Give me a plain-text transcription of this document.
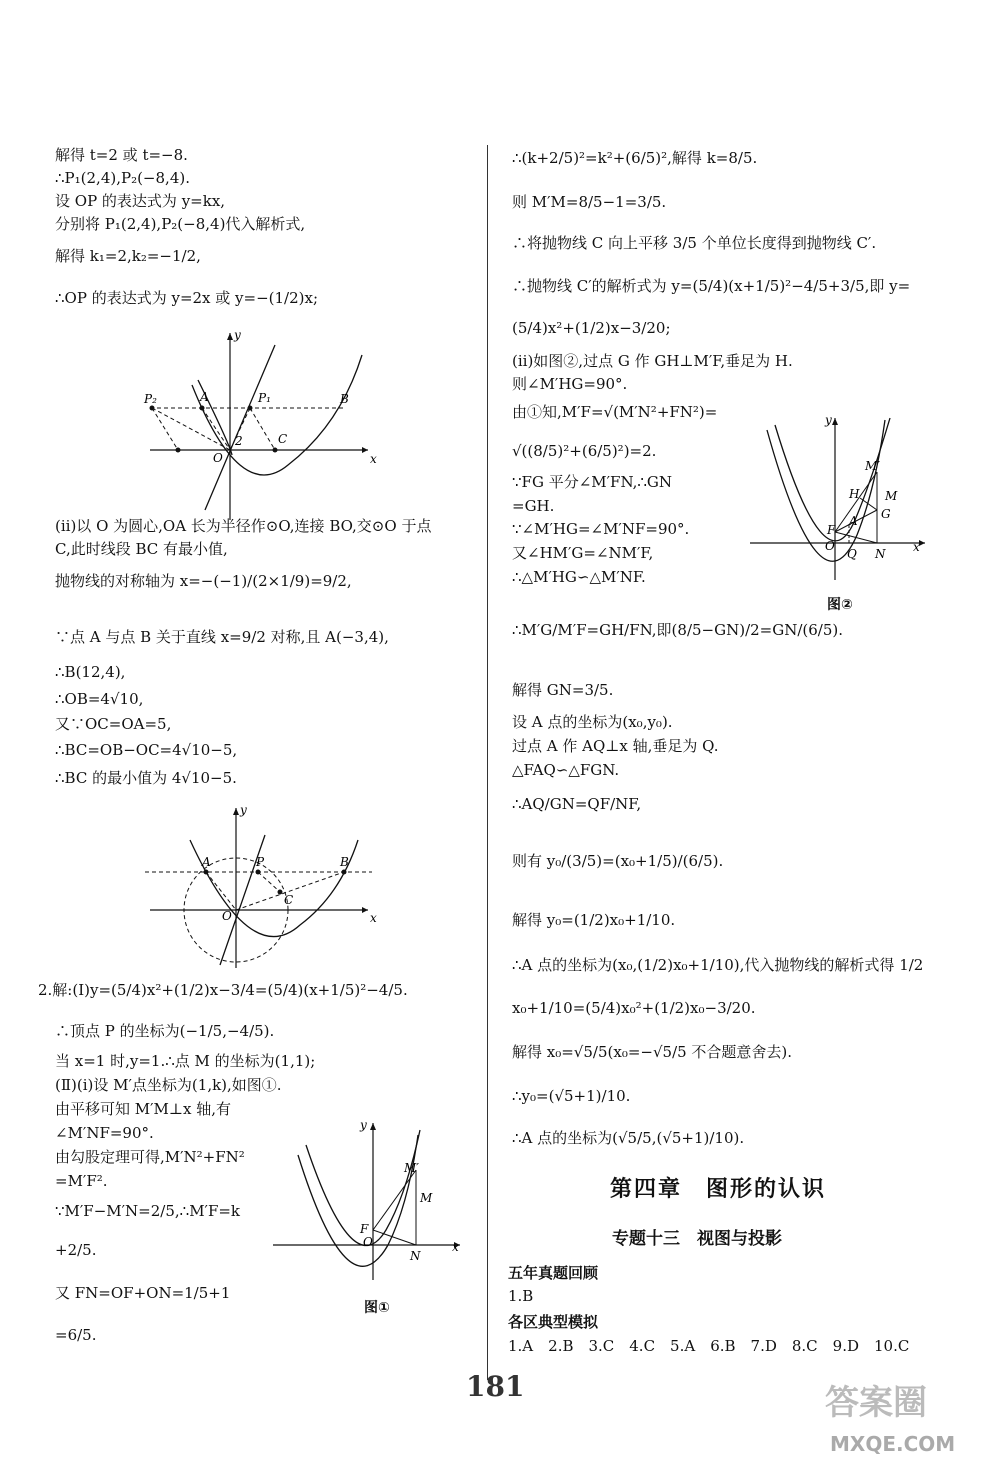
解得 t=2 或 t=−8.

∴P₁(2,4),P₂(−8,4).

设 OP 的表达式为 y=kx,

分别将 P₁(2,4),P₂(−8,4)代入解析式,

解得 k₁=2,k₂=−1/2,

∴OP 的表达式为 y=2x 或 y=−(1/2)x;

(ⅱ)以 O 为圆心,OA 长为半径作⊙O,连接 BO,交⊙O 于点

C,此时线段 BC 有最小值,

抛物线的对称轴为 x=−(−1)/(2×1/9)=9/2,

∵点 A 与点 B 关于直线 x=9/2 对称,且 A(−3,4),

∴B(12,4),

∴OB=4√10,

又∵OC=OA=5,

∴BC=OB−OC=4√10−5,

∴BC 的最小值为 4√10−5.

2.解:(Ⅰ)y=(5/4)x²+(1/2)x−3/4=(5/4)(x+1/5)²−4/5.

∴顶点 P 的坐标为(−1/5,−4/5).

当 x=1 时,y=1.∴点 M 的坐标为(1,1);

(Ⅱ)(ⅰ)设 M′点坐标为(1,k),如图①.

由平移可知 M′M⊥x 轴,有

∠M′NF=90°.

由勾股定理可得,M′N²+FN²

=M′F².

∵M′F−M′N=2/5,∴M′F=k

+2/5.

又 FN=OF+ON=1/5+1

=6/5.

∴(k+2/5)²=k²+(6/5)²,解得 k=8/5.

则 M′M=8/5−1=3/5.

∴将抛物线 C 向上平移 3/5 个单位长度得到抛物线 C′.

∴抛物线 C′的解析式为 y=(5/4)(x+1/5)²−4/5+3/5,即 y=

(5/4)x²+(1/2)x−3/20;

(ⅱ)如图②,过点 G 作 GH⊥M′F,垂足为 H.

则∠M′HG=90°.

由①知,M′F=√(M′N²+FN²)=

√((8/5)²+(6/5)²)=2.

∵FG 平分∠M′FN,∴GN

=GH.

∵∠M′HG=∠M′NF=90°.

又∠HM′G=∠NM′F,

∴△M′HG∽△M′NF.

∴M′G/M′F=GH/FN,即(8/5−GN)/2=GN/(6/5).

解得 GN=3/5.

设 A 点的坐标为(x₀,y₀).

过点 A 作 AQ⊥x 轴,垂足为 Q.

△FAQ∽△FGN.

∴AQ/GN=QF/NF,

则有 y₀/(3/5)=(x₀+1/5)/(6/5).

解得 y₀=(1/2)x₀+1/10.

∴A 点的坐标为(x₀,(1/2)x₀+1/10),代入抛物线的解析式得 1/2

x₀+1/10=(5/4)x₀²+(1/2)x₀−3/20.

解得 x₀=√5/5(x₀=−√5/5 不合题意舍去).

∴y₀=(√5+1)/10.

∴A 点的坐标为(√5/5,(√5+1)/10).

第四章　图形的认识
专题十三　视图与投影
五年真题回顾
1.B
各区典型模拟
1.A　2.B　3.C　4.C　5.A　6.B　7.D　8.C　9.D　10.C
y
x
O
A	B
C
P₁
P₂
2
y
x
O
A	B
C
P
y
x
O
F
M′
M
N
图①
y
x
O
F
M′
M
H
G
A
Q N
图②
181	答案圈
MXQE.COM
